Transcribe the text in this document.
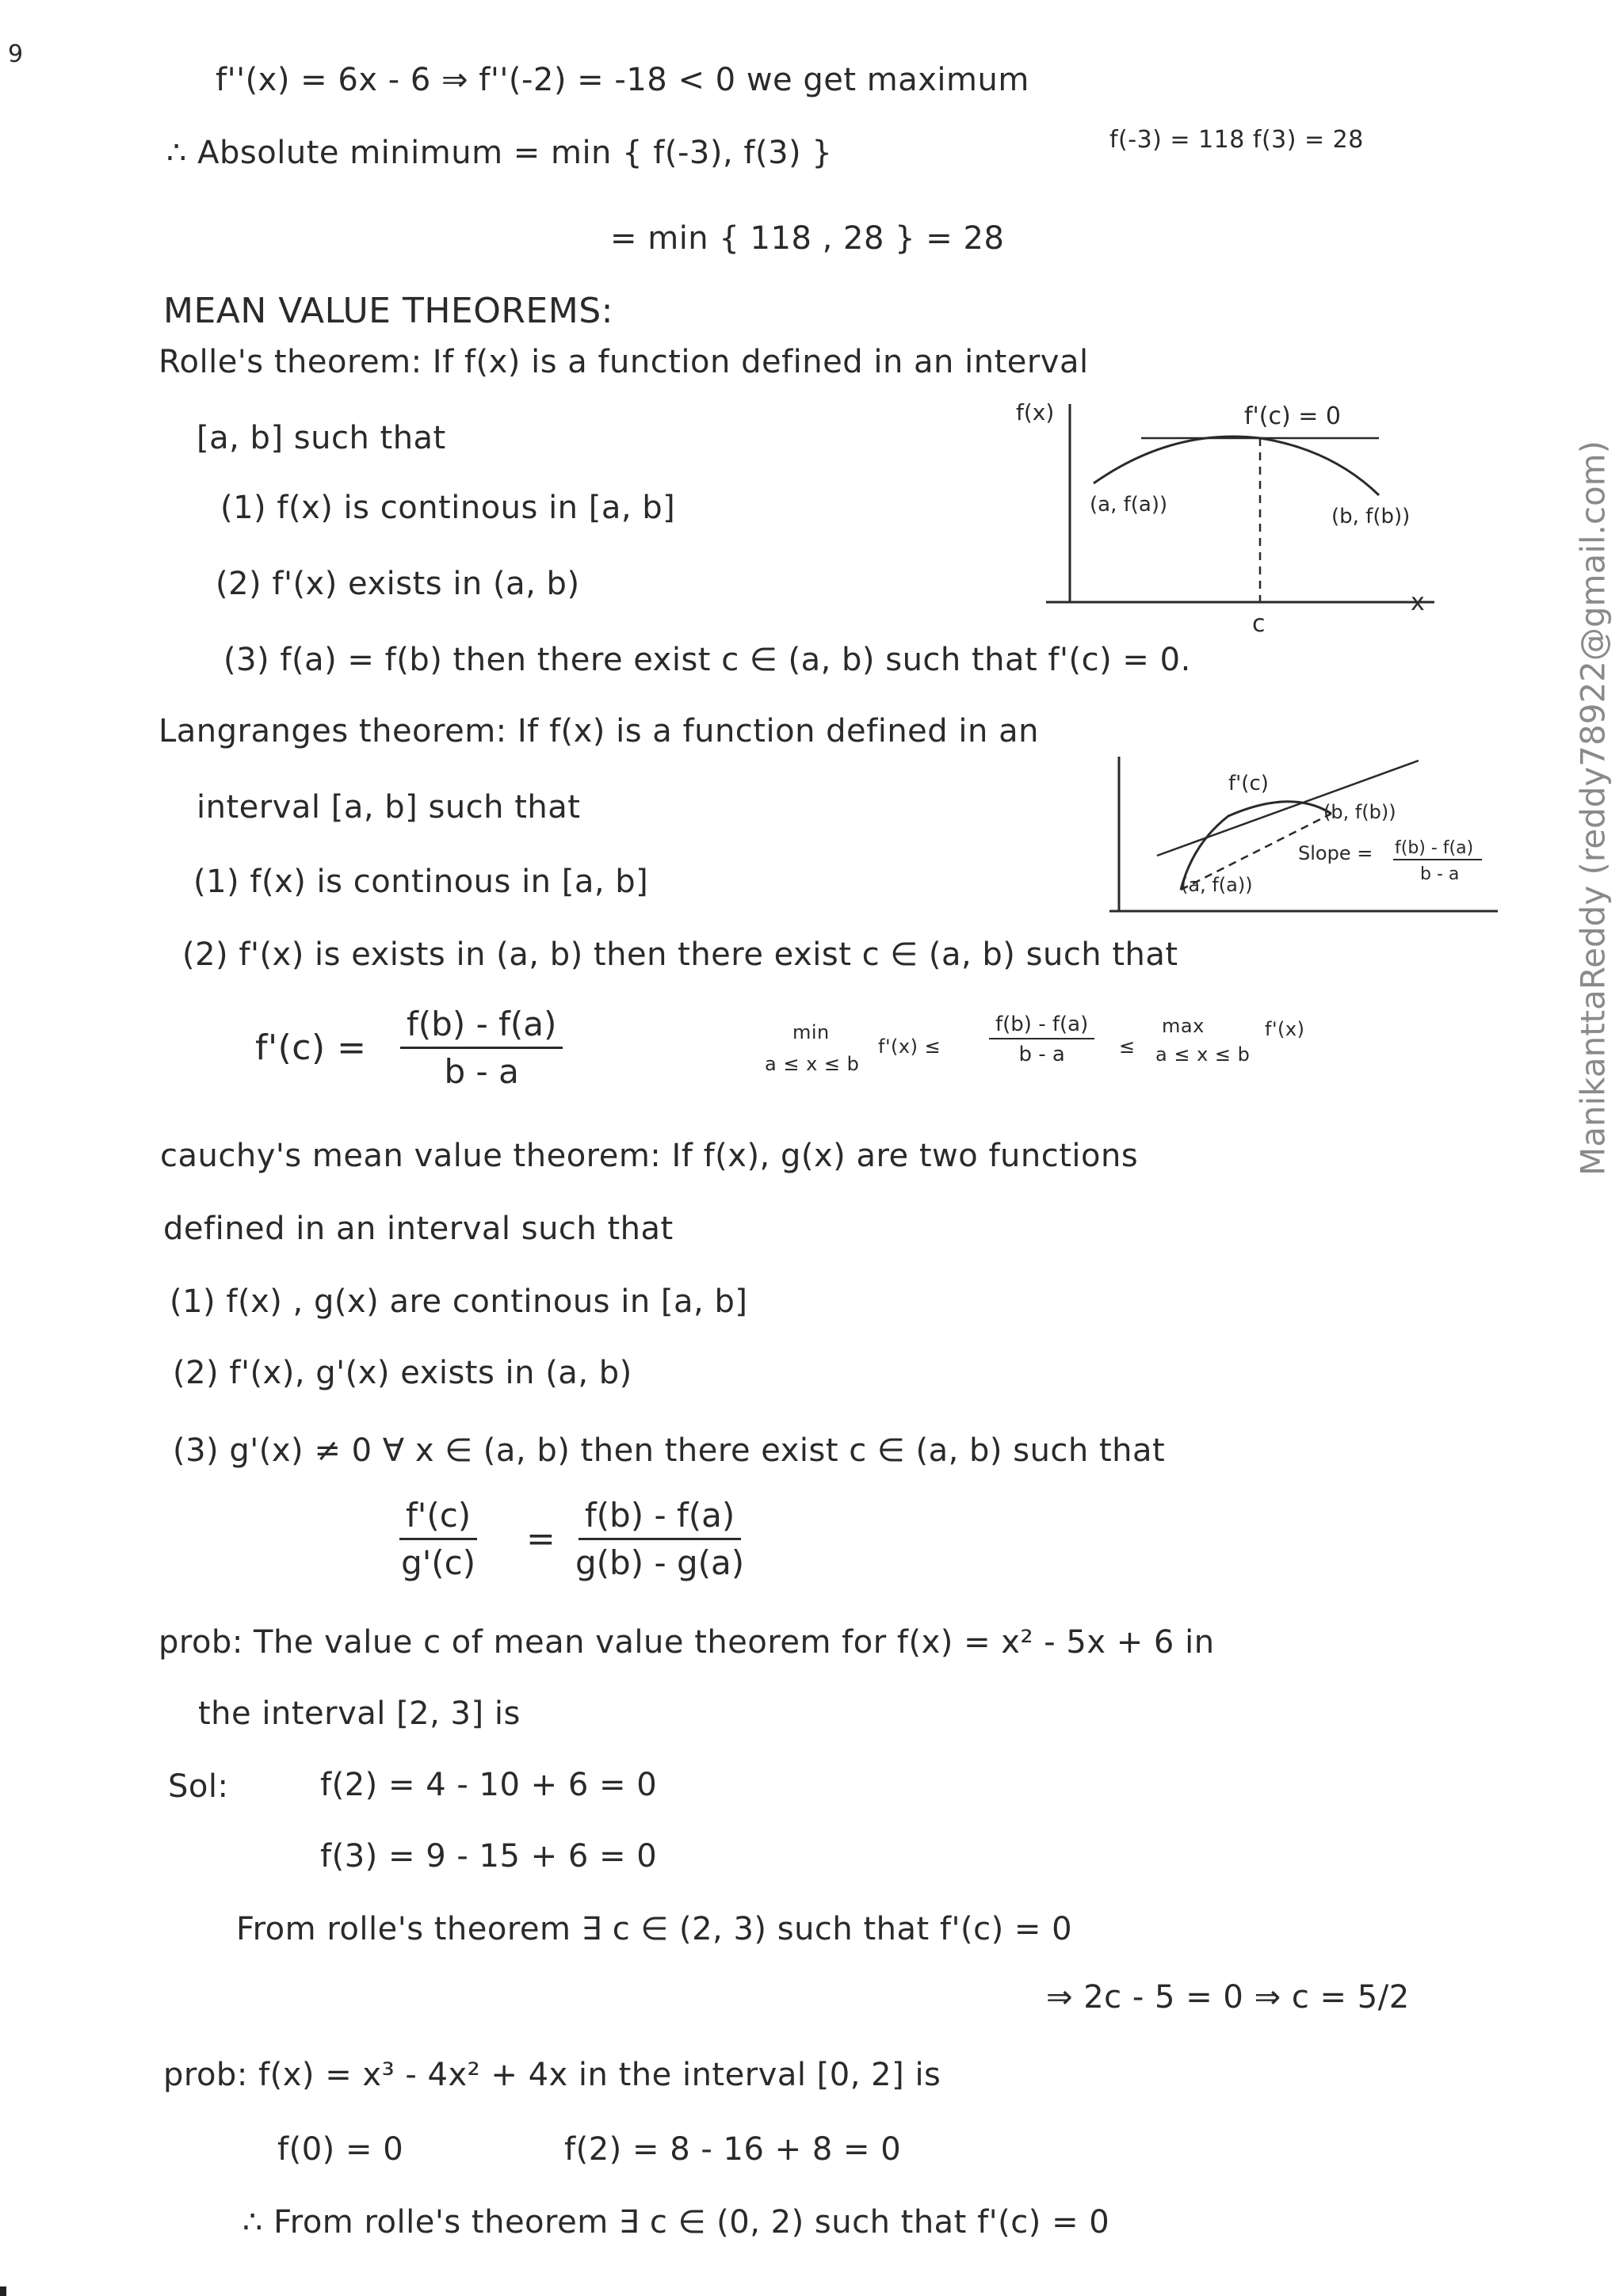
9
f''(x) = 6x - 6 ⇒ f''(-2) = -18 < 0 we get maximum
∴ Absolute minimum = min { f(-3), f(3) }	f(-3) = 118 f(3) = 28
= min { 118 , 28 } = 28
MEAN VALUE THEOREMS:
Rolle's theorem: If f(x) is a function defined in an interval
[a, b] such that
(1) f(x) is continous in [a, b]
(2) f'(x) exists in (a, b)
(3) f(a) = f(b) then there exist c ∈ (a, b) such that f'(c) = 0.
f(x)	f'(c) = 0
(a, f(a))	(b, f(b))
c
x
Langranges theorem: If f(x) is a function defined in an
interval [a, b] such that
(1) f(x) is continous in [a, b]
(2) f'(x) is exists in (a, b) then there exist c ∈ (a, b) such that
$f'(c) = \frac{f(b) - f(a)}{b - a}$	min
a ≤ x ≤ b
$f'(x) \le \frac{f(b) - f(a)}{b - a}$ ≤
max
a ≤ x ≤ b
f'(x)
f'(c)
(a, f(a))
(b, f(b))
Slope = f(b) - f(a)
b - a
cauchy's mean value theorem: If f(x), g(x) are two functions
defined in an interval such that
(1) f(x) , g(x) are continous in [a, b]
(2) f'(x), g'(x) exists in (a, b)
(3) g'(x) ≠ 0 ∀ x ∈ (a, b) then there exist c ∈ (a, b) such that
$\frac{f'(c)}{g'(c)} = \frac{f(b) - f(a)}{g(b) - g(a)}$
prob: The value c of mean value theorem for f(x) = x² - 5x + 6 in
the interval [2, 3] is
Sol:	f(2) = 4 - 10 + 6 = 0
f(3) = 9 - 15 + 6 = 0
From rolle's theorem ∃ c ∈ (2, 3) such that f'(c) = 0
⇒ 2c - 5 = 0 ⇒ c = 5/2
prob: f(x) = x³ - 4x² + 4x in the interval [0, 2] is
f(0) = 0	f(2) = 8 - 16 + 8 = 0
∴ From rolle's theorem ∃ c ∈ (0, 2) such that f'(c) = 0
ManikanttaReddy (reddy78922@gmail.com)
